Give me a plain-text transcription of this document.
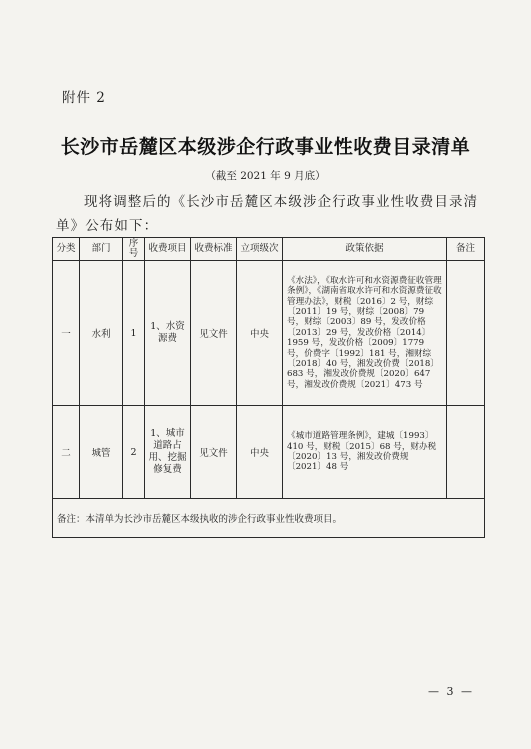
附件 2
长沙市岳麓区本级涉企行政事业性收费目录清单
（截至 2021 年 9 月底）
现将调整后的《长沙市岳麓区本级涉企行政事业性收费目录清单》公布如下：
分类	部门	序号	收费项目	收费标准	立项级次	政策依据	备注
一	水利	1	1、水资源费	见文件	中央	《水法》，《取水许可和水资源费征收管理条例》，《湖南省取水许可和水资源费征收管理办法》，财税〔2016〕2 号，财综〔2011〕19 号，财综〔2008〕79 号，财综〔2003〕89 号，发改价格〔2013〕29 号，发改价格〔2014〕1959 号，发改价格〔2009〕1779 号，价费字〔1992〕181 号，湘财综〔2018〕40 号，湘发改价费〔2018〕683 号，湘发改价费规〔2020〕647 号，湘发改价费规〔2021〕473 号	
二	城管	2	1、城市道路占用、挖掘修复费	见文件	中央	《城市道路管理条例》，建城〔1993〕410 号，财税〔2015〕68 号，财办税〔2020〕13 号，湘发改价费规〔2021〕48 号	
备注：本清单为长沙市岳麓区本级执收的涉企行政事业性收费项目。							
— 3 —
